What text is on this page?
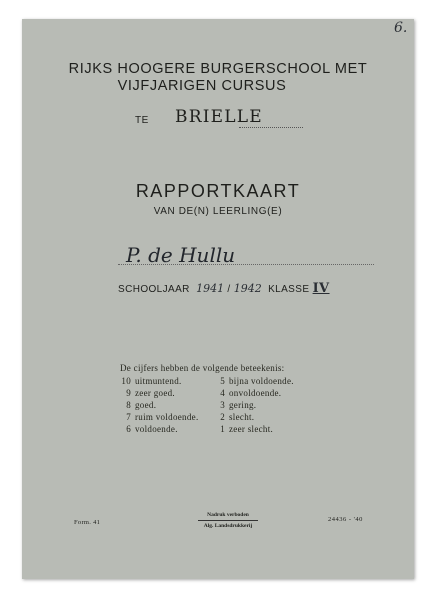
6.
RIJKS HOOGERE BURGERSCHOOL MET
VIJFJARIGEN CURSUS
TE BRIELLE
RAPPORTKAART
VAN DE(N) LEERLING(E)
P. de Hullu
SCHOOLJAAR 1941 / 1942 KLASSE IV
De cijfers hebben de volgende beteekenis:
10 uitmuntend.
9 zeer goed.
8 goed.
7 ruim voldoende.
6 voldoende.
5 bijna voldoende.
4 onvoldoende.
3 gering.
2 slecht.
1 zeer slecht.
Form. 41
Nadruk verboden
Alg. Landsdrukkerij
24436 - '40
